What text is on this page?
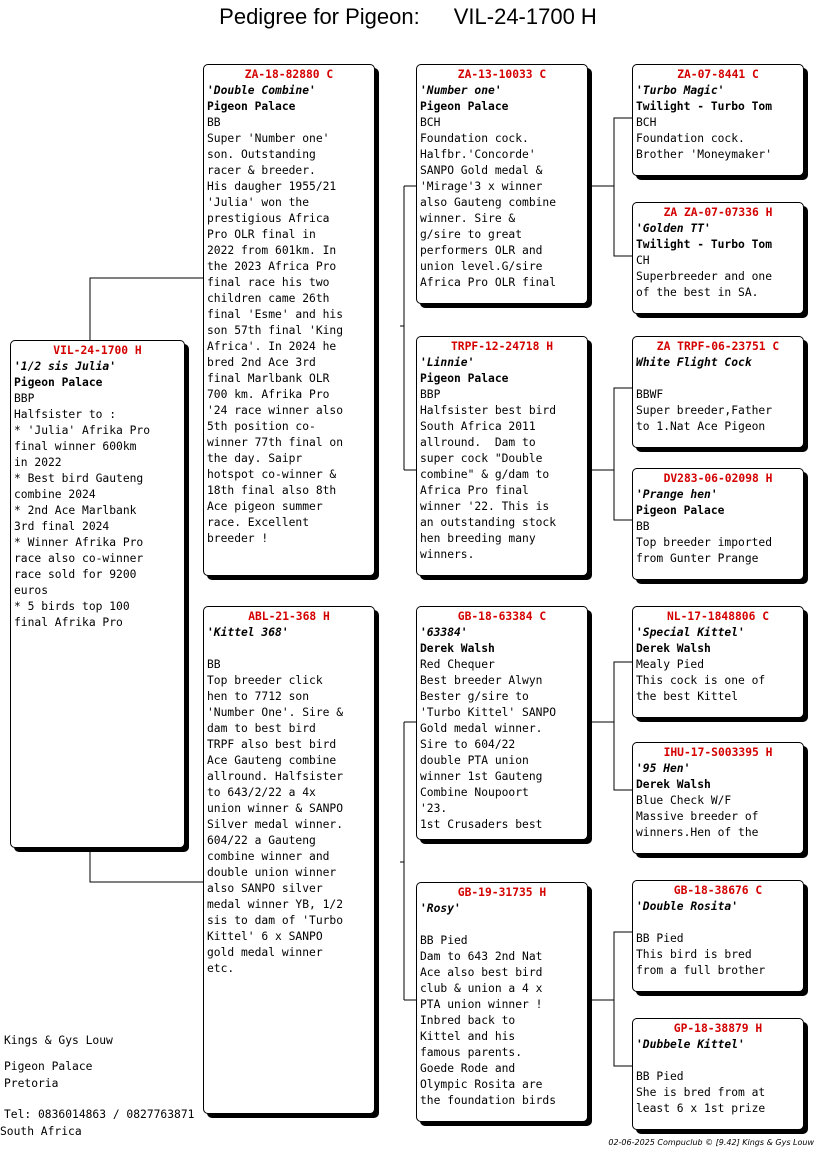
Pedigree for Pigeon: VIL-24-1700 H
VIL-24-1700 H
'1/2 sis Julia'
Pigeon Palace
BBP
Halfsister to :
* 'Julia' Afrika Pro
final winner 600km
in 2022
* Best bird Gauteng
combine 2024
* 2nd Ace Marlbank
3rd final 2024
* Winner Afrika Pro
race also co-winner
race sold for 9200
euros
* 5 birds top 100
final Afrika Pro
ZA-18-82880 C
'Double Combine'
Pigeon Palace
BB
Super 'Number one'
son. Outstanding
racer & breeder.
His daugher 1955/21
'Julia' won the
prestigious Africa
Pro OLR final in
2022 from 601km. In
the 2023 Africa Pro
final race his two
children came 26th
final 'Esme' and his
son 57th final 'King
Africa'. In 2024 he
bred 2nd Ace 3rd
final Marlbank OLR
700 km. Afrika Pro
'24 race winner also
5th position co-
winner 77th final on
the day. Saipr
hotspot co-winner &
18th final also 8th
Ace pigeon summer
race. Excellent
breeder !
ABL-21-368 H
'Kittel 368'

BB
Top breeder click
hen to 7712 son
'Number One'. Sire &
dam to best bird
TRPF also best bird
Ace Gauteng combine
allround. Halfsister
to 643/2/22 a 4x
union winner & SANPO
Silver medal winner.
604/22 a Gauteng
combine winner and
double union winner
also SANPO silver
medal winner YB, 1/2
sis to dam of 'Turbo
Kittel' 6 x SANPO
gold medal winner
etc.
ZA-13-10033 C
'Number one'
Pigeon Palace
BCH
Foundation cock.
Halfbr.'Concorde'
SANPO Gold medal &
'Mirage'3 x winner
also Gauteng combine
winner. Sire &
g/sire to great
performers OLR and
union level.G/sire
Africa Pro OLR final
TRPF-12-24718 H
'Linnie'
Pigeon Palace
BBP
Halfsister best bird
South Africa 2011
allround.  Dam to
super cock "Double
combine" & g/dam to
Africa Pro final
winner '22. This is
an outstanding stock
hen breeding many
winners.
GB-18-63384 C
'63384'
Derek Walsh
Red Chequer
Best breeder Alwyn
Bester g/sire to
'Turbo Kittel' SANPO
Gold medal winner.
Sire to 604/22
double PTA union
winner 1st Gauteng
Combine Noupoort
'23.
1st Crusaders best
GB-19-31735 H
'Rosy'

BB Pied
Dam to 643 2nd Nat
Ace also best bird
club & union a 4 x
PTA union winner !
Inbred back to
Kittel and his
famous parents.
Goede Rode and
Olympic Rosita are
the foundation birds
ZA-07-8441 C
'Turbo Magic'
Twilight - Turbo Tom
BCH
Foundation cock.
Brother 'Moneymaker'
ZA ZA-07-07336 H
'Golden TT'
Twilight - Turbo Tom
CH
Superbreeder and one
of the best in SA.
ZA TRPF-06-23751 C
White Flight Cock

BBWF
Super breeder,Father
to 1.Nat Ace Pigeon
DV283-06-02098 H
'Prange hen'
Pigeon Palace
BB
Top breeder imported
from Gunter Prange
NL-17-1848806 C
'Special Kittel'
Derek Walsh
Mealy Pied
This cock is one of
the best Kittel
IHU-17-S003395 H
'95 Hen'
Derek Walsh
Blue Check W/F
Massive breeder of
winners.Hen of the
GB-18-38676 C
'Double Rosita'

BB Pied
This bird is bred
from a full brother
GP-18-38879 H
'Dubbele Kittel'

BB Pied
She is bred from at
least 6 x 1st prize
Kings & Gys Louw
Pigeon Palace
Pretoria
Tel: 0836014863 / 0827763871
South Africa
02-06-2025 Compuclub © [9.42] Kings & Gys Louw
